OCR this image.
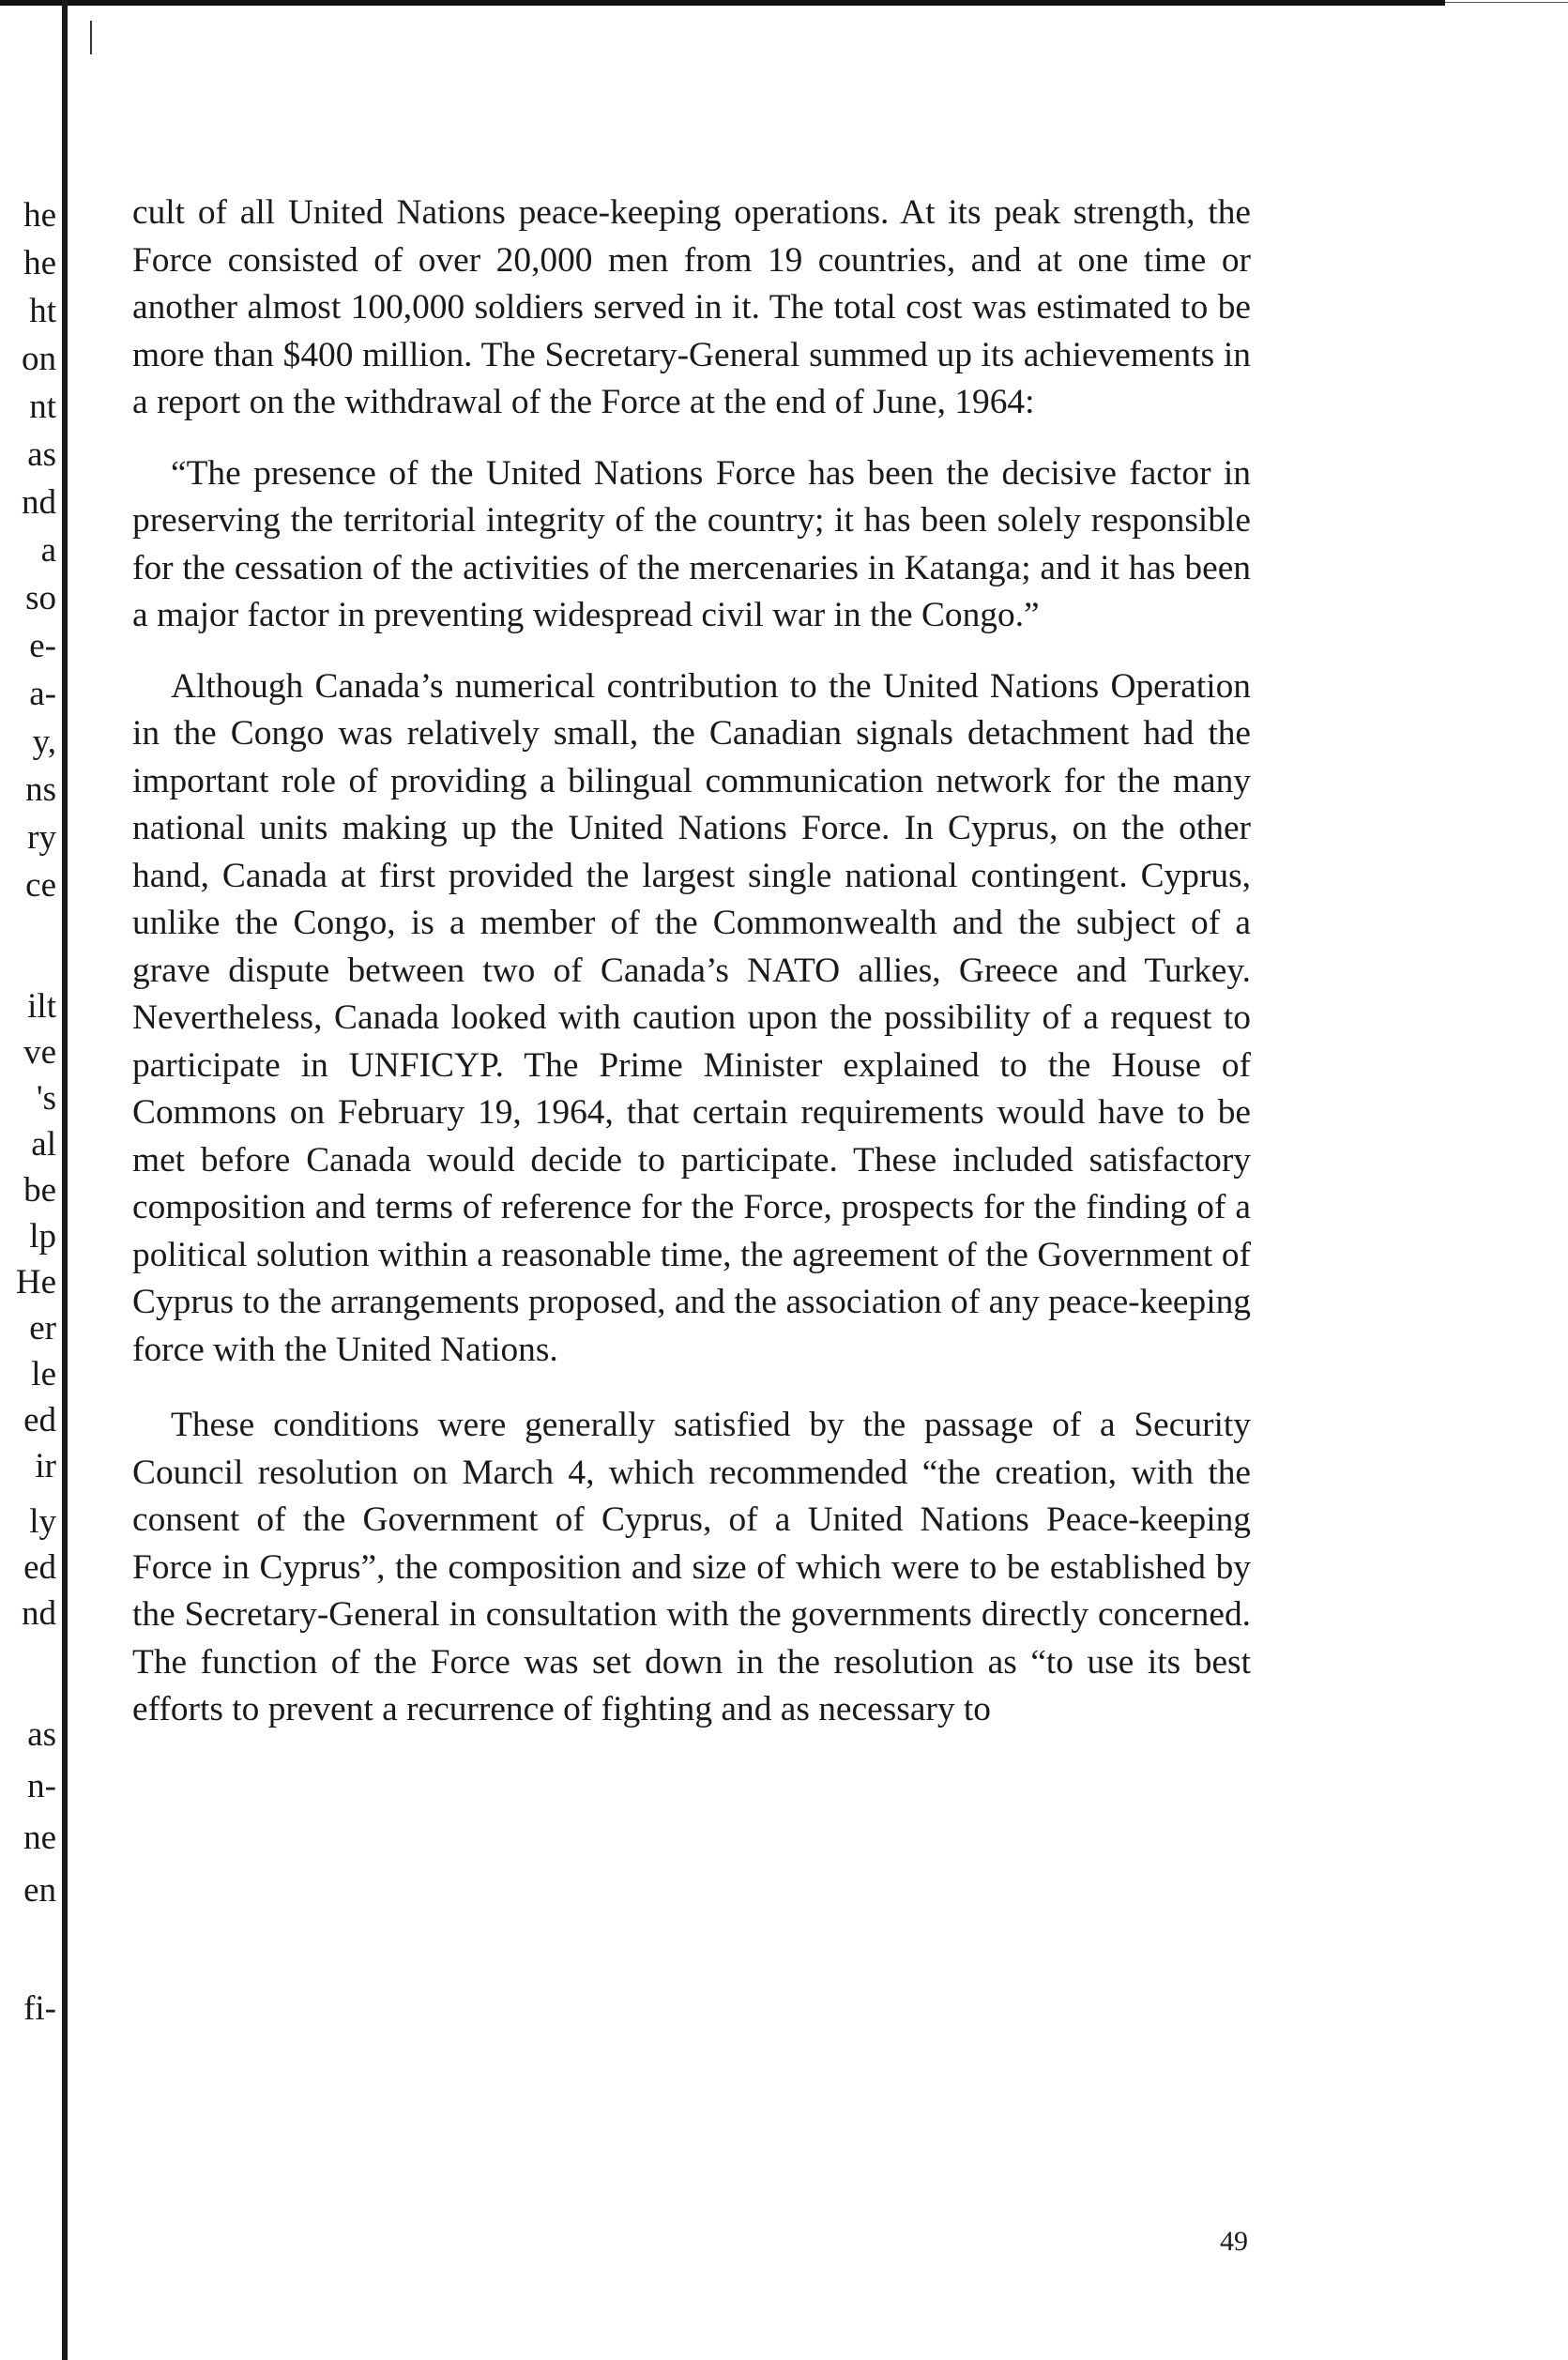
he
he
ht
on
nt
as
nd
a
so
e-
a-
y,
ns
ry
ce
ilt
ve
's
al
be
lp
He
er
le
ed
ir
ly
ed
nd
as
n-
ne
en
fi-

cult of all United Nations peace-keeping operations. At its peak strength, the Force consisted of over 20,000 men from 19 countries, and at one time or another almost 100,000 soldiers served in it. The total cost was estimated to be more than $400 million. The Secretary-General summed up its achievements in a report on the withdrawal of the Force at the end of June, 1964:

“The presence of the United Nations Force has been the decisive factor in preserving the territorial integrity of the country; it has been solely responsible for the cessation of the activities of the mercenaries in Katanga; and it has been a major factor in preventing widespread civil war in the Congo.”

Although Canada’s numerical contribution to the United Nations Operation in the Congo was relatively small, the Canadian signals detachment had the important role of providing a bilingual communication network for the many national units making up the United Nations Force. In Cyprus, on the other hand, Canada at first provided the largest single national contingent. Cyprus, unlike the Congo, is a member of the Commonwealth and the subject of a grave dispute between two of Canada’s NATO allies, Greece and Turkey. Nevertheless, Canada looked with caution upon the possibility of a request to participate in UNFICYP. The Prime Minister explained to the House of Commons on February 19, 1964, that certain requirements would have to be met before Canada would decide to participate. These included satisfactory composition and terms of reference for the Force, prospects for the finding of a political solution within a reasonable time, the agreement of the Government of Cyprus to the arrangements proposed, and the association of any peace-keeping force with the United Nations.

These conditions were generally satisfied by the passage of a Security Council resolution on March 4, which recommended “the creation, with the consent of the Government of Cyprus, of a United Nations Peace-keeping Force in Cyprus”, the composition and size of which were to be established by the Secretary-General in consultation with the governments directly concerned. The function of the Force was set down in the resolution as “to use its best efforts to prevent a recurrence of fighting and as necessary to

49
